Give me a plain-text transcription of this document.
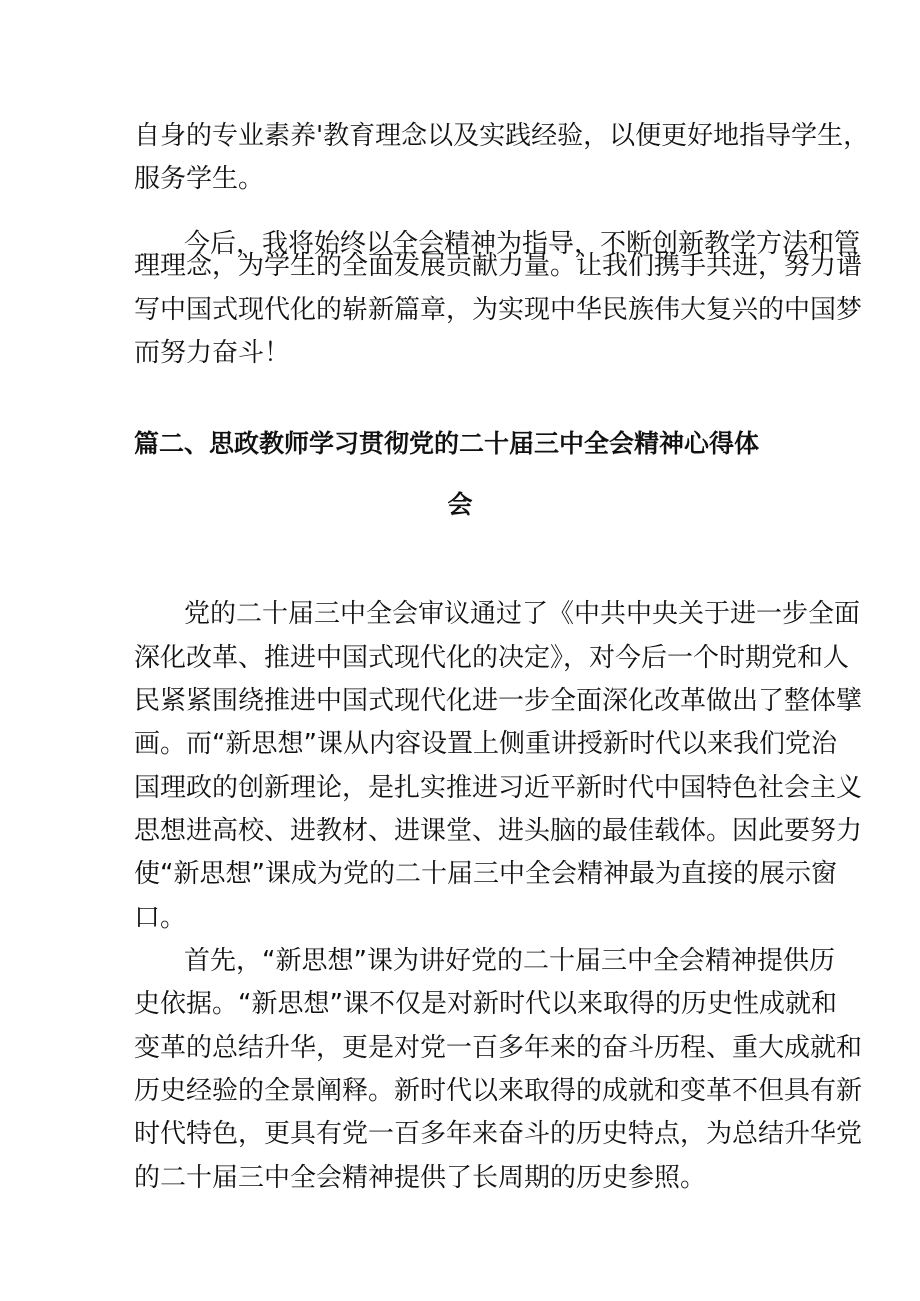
自身的专业素养'教育理念以及实践经验，以便更好地指导学生，
服务学生。
今后，我将始终以全会精神为指导，不断创新教学方法和管
理理念，为学生的全面发展贡献力量。让我们携手共进，努力谱
写中国式现代化的崭新篇章，为实现中华民族伟大复兴的中国梦
而努力奋斗！
篇二、思政教师学习贯彻党的二十届三中全会精神心得体
会
党的二十届三中全会审议通过了《中共中央关于进一步全面
深化改革、推进中国式现代化的决定》，对今后一个时期党和人
民紧紧围绕推进中国式现代化进一步全面深化改革做出了整体擘
画。而“新思想”课从内容设置上侧重讲授新时代以来我们党治
国理政的创新理论，是扎实推进习近平新时代中国特色社会主义
思想进高校、进教材、进课堂、进头脑的最佳载体。因此要努力
使“新思想”课成为党的二十届三中全会精神最为直接的展示窗
口。
首先，“新思想”课为讲好党的二十届三中全会精神提供历
史依据。“新思想”课不仅是对新时代以来取得的历史性成就和
变革的总结升华，更是对党一百多年来的奋斗历程、重大成就和
历史经验的全景阐释。新时代以来取得的成就和变革不但具有新
时代特色，更具有党一百多年来奋斗的历史特点，为总结升华党
的二十届三中全会精神提供了长周期的历史参照。
